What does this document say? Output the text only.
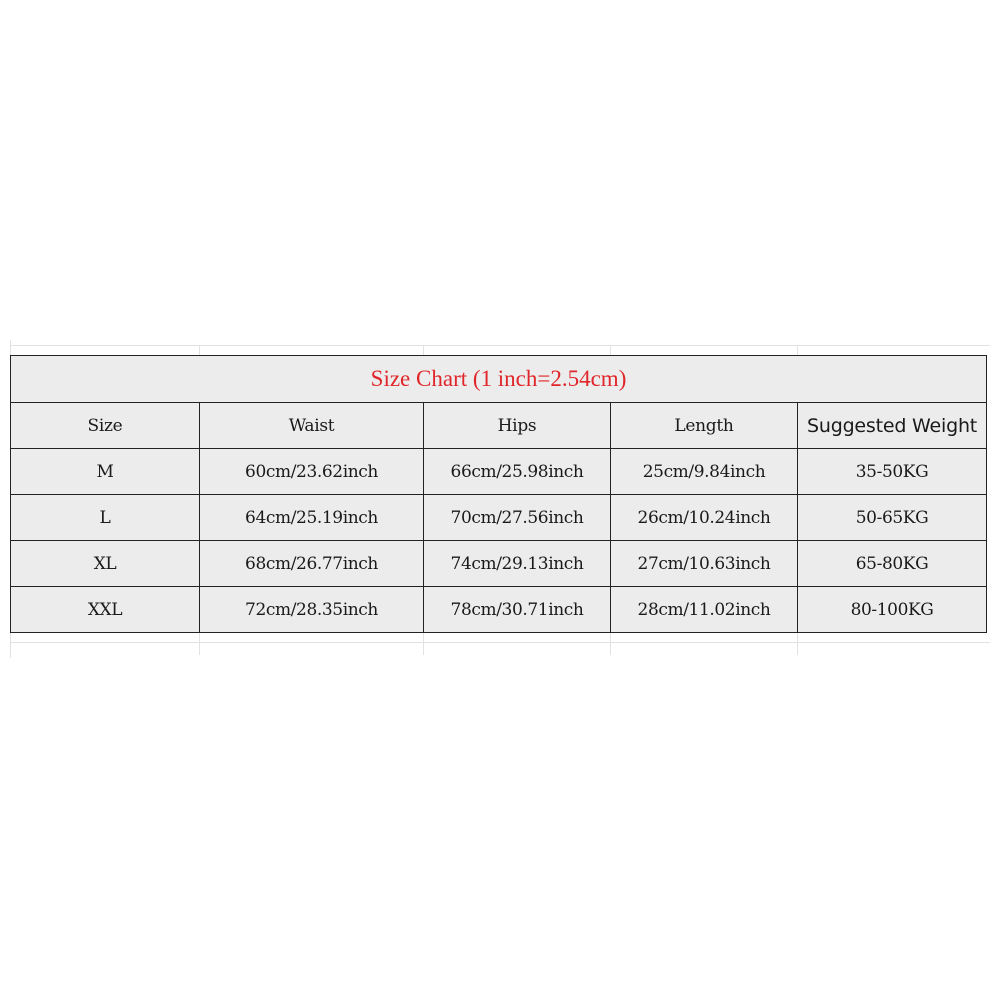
Size Chart (1 inch=2.54cm)				
Size	Waist	Hips	Length	Suggested Weight
M	60cm/23.62inch	66cm/25.98inch	25cm/9.84inch	35-50KG
L	64cm/25.19inch	70cm/27.56inch	26cm/10.24inch	50-65KG
XL	68cm/26.77inch	74cm/29.13inch	27cm/10.63inch	65-80KG
XXL	72cm/28.35inch	78cm/30.71inch	28cm/11.02inch	80-100KG
